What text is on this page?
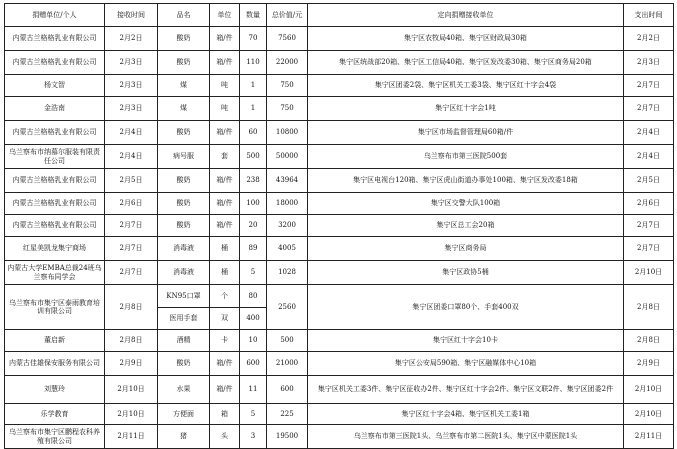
捐赠单位/个人	接收时间	品名	单位	数量	总价值/元	定向捐赠接收单位	支出时间
内蒙古兰格格乳业有限公司	2月2日	酸奶	箱/件	70	7560	集宁区农牧局40箱、集宁区财政局30箱	2月2日
内蒙古兰格格乳业有限公司	2月3日	酸奶	箱/件	110	22000	集宁区统战部20箱、集宁区工信局40箱、集宁区发改委30箱、集宁区商务局20箱	2月3日
杨文智	2月3日	煤	吨	1	750	集宁区团委2袋、集宁区机关工委3袋、集宁区红十字会4袋	2月7日
金浩南	2月3日	煤	吨	1	750	集宁区红十字会1吨	2月7日
内蒙古兰格格乳业有限公司	2月4日	酸奶	箱/件	60	10800	集宁区市场监督管理局60箱/件	2月4日
乌兰察布市纳慕尔服装有限责任公司	2月4日	病号服	套	500	50000	乌兰察布市第三医院500套	2月4日
内蒙古兰格格乳业有限公司	2月5日	酸奶	箱/件	238	43964	集宁区电视台120箱、集宁区虎山街道办事处100箱、集宁区发改委18箱	2月5日
内蒙古兰格格乳业有限公司	2月6日	酸奶	箱/件	100	18000	集宁区交警大队100箱	2月6日
内蒙古兰格格乳业有限公司	2月7日	酸奶	箱/件	20	3200	集宁区总工会20箱	2月7日
红星美凯龙集宁商场	2月7日	消毒液	桶	89	4005	集宁区商务局	2月7日
内蒙古大学EMBA总裁24班乌兰察布同学会	2月7日	消毒液	桶	5	1028	集宁区政协5桶	2月10日
乌兰察布市集宁区泰雨教育培训有限公司	2月8日	KN95口罩	个	80	2560	集宁区团委口罩80个、手套400双	2月8日
		医用手套	双	400			
董启新	2月8日	酒精	卡	10	500	集宁区红十字会10卡	2月8日
内蒙古佳雄保安服务有限公司	2月9日	酸奶	箱/件	600	21000	集宁区公安局590箱、集宁区融媒体中心10箱	2月9日
刘慧玲	2月10日	水果	箱/件	11	600	集宁区机关工委3件、集宁区征收办2件、集宁区红十字会2件、集宁区文联2件、集宁区团委2件	2月10日
乐学教育	2月10日	方便面	箱	5	225	集宁区红十字会4箱、集宁区机关工委1箱	2月10日
乌兰察布市集宁区鹏程农科养殖有限公司	2月11日	猪	头	3	19500	乌兰察布市第三医院1头、乌兰察布市第二医院1头、集宁区中蒙医院1头	2月11日
